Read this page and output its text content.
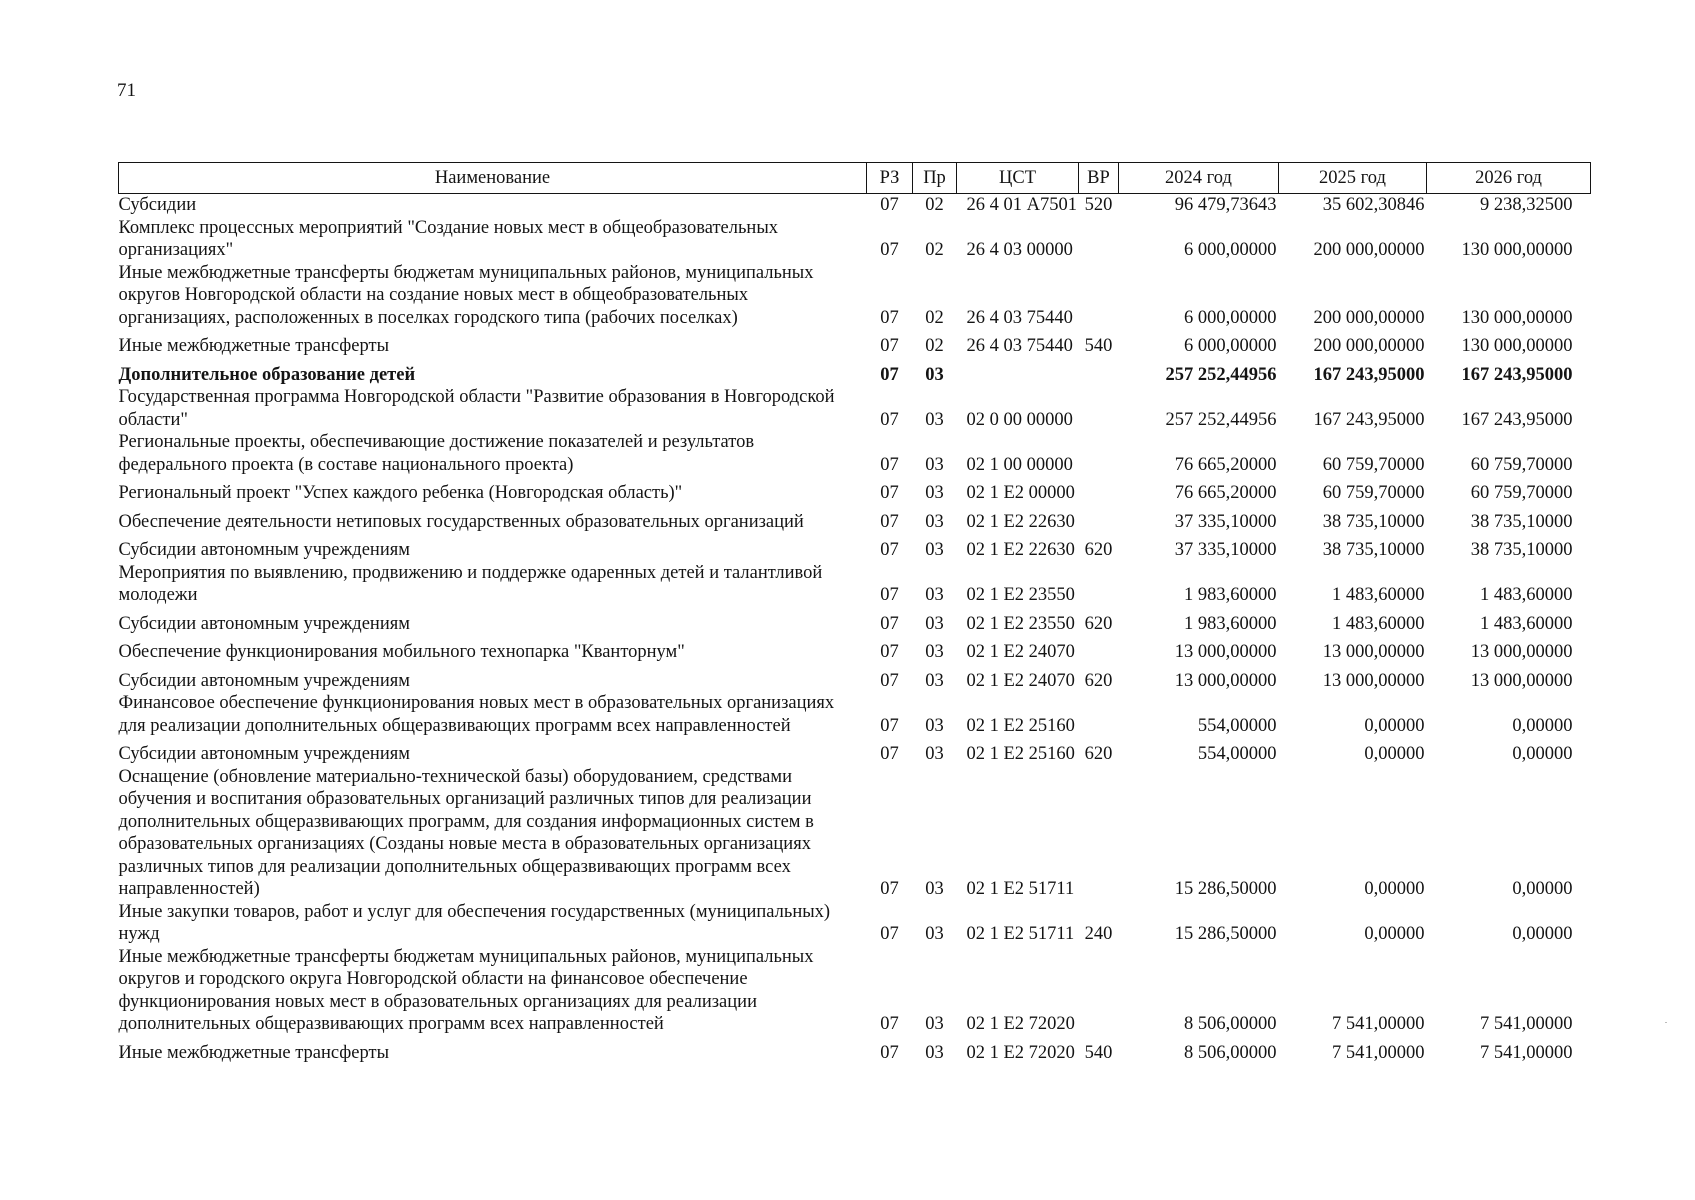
71
Наименование	РЗ	Пр	ЦСТ	ВР	2024 год	2025 год	2026 год	
Субсидии	07	02	26 4 01 А7501	520	96 479,73643	35 602,30846	9 238,32500	
Комплекс процессных мероприятий "Создание новых мест в общеобразовательных организациях"	07	02	26 4 03 00000		6 000,00000	200 000,00000	130 000,00000	
Иные межбюджетные трансферты бюджетам муниципальных районов, муниципальных округов Новгородской области на создание новых мест в общеобразовательных организациях, расположенных в поселках городского типа (рабочих поселках)	07	02	26 4 03 75440		6 000,00000	200 000,00000	130 000,00000	
Иные межбюджетные трансферты	07	02	26 4 03 75440	540	6 000,00000	200 000,00000	130 000,00000	
Дополнительное образование детей	07	03			257 252,44956	167 243,95000	167 243,95000	
Государственная программа Новгородской области "Развитие образования в Новгородской области"	07	03	02 0 00 00000		257 252,44956	167 243,95000	167 243,95000	
Региональные проекты, обеспечивающие достижение показателей и результатов федерального проекта (в составе национального проекта)	07	03	02 1 00 00000		76 665,20000	60 759,70000	60 759,70000	
Региональный проект "Успех каждого ребенка (Новгородская область)"	07	03	02 1 Е2 00000		76 665,20000	60 759,70000	60 759,70000	
Обеспечение деятельности нетиповых государственных образовательных организаций	07	03	02 1 Е2 22630		37 335,10000	38 735,10000	38 735,10000	
Субсидии автономным учреждениям	07	03	02 1 Е2 22630	620	37 335,10000	38 735,10000	38 735,10000	
Мероприятия по выявлению, продвижению и поддержке одаренных детей и талантливой молодежи	07	03	02 1 Е2 23550		1 983,60000	1 483,60000	1 483,60000	
Субсидии автономным учреждениям	07	03	02 1 Е2 23550	620	1 983,60000	1 483,60000	1 483,60000	
Обеспечение функционирования мобильного технопарка "Кванторнум"	07	03	02 1 Е2 24070		13 000,00000	13 000,00000	13 000,00000	
Субсидии автономным учреждениям	07	03	02 1 Е2 24070	620	13 000,00000	13 000,00000	13 000,00000	
Финансовое обеспечение функционирования новых мест в образовательных организациях для реализации дополнительных общеразвивающих программ всех направленностей	07	03	02 1 Е2 25160		554,00000	0,00000	0,00000	
Субсидии автономным учреждениям	07	03	02 1 Е2 25160	620	554,00000	0,00000	0,00000	
Оснащение (обновление материально-технической базы) оборудованием, средствами обучения и воспитания образовательных организаций различных типов для реализации дополнительных общеразвивающих программ, для создания информационных систем в образовательных организациях (Созданы новые места в образовательных организациях различных типов для реализации дополнительных общеразвивающих программ всех направленностей)	07	03	02 1 Е2 51711		15 286,50000	0,00000	0,00000	
Иные закупки товаров, работ и услуг для обеспечения государственных (муниципальных) нужд	07	03	02 1 Е2 51711	240	15 286,50000	0,00000	0,00000	
Иные межбюджетные трансферты бюджетам муниципальных районов, муниципальных округов и городского округа Новгородской области на финансовое обеспечение функционирования новых мест в образовательных организациях для реализации дополнительных общеразвивающих программ всех направленностей	07	03	02 1 Е2 72020		8 506,00000	7 541,00000	7 541,00000	
Иные межбюджетные трансферты	07	03	02 1 Е2 72020	540	8 506,00000	7 541,00000	7 541,00000	
